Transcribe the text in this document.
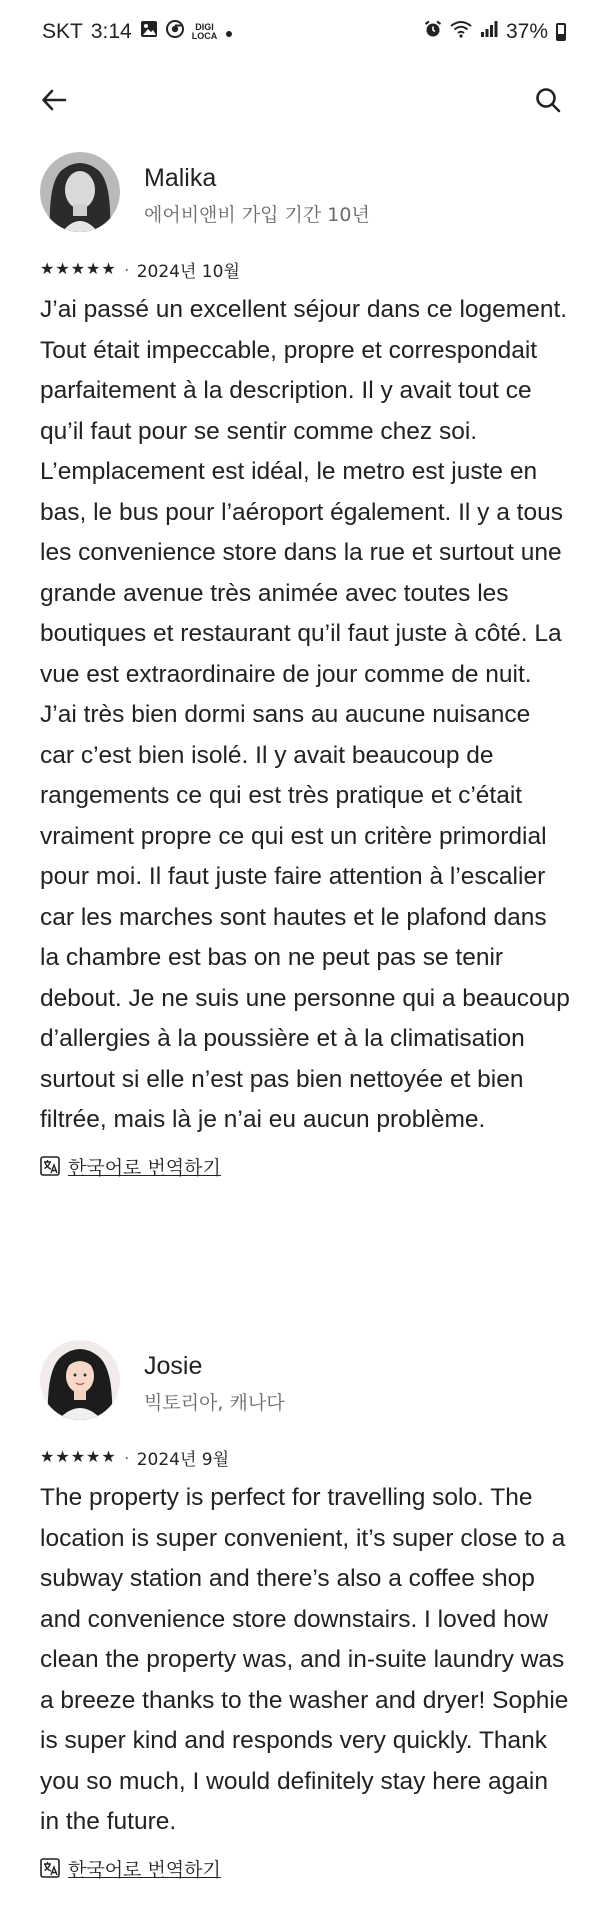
SKT 3:14	DIGI
LOCA	37%
Malika
에어비앤비 가입 기간 10년
★★★★★ · 2024년 10월
J’ai passé un excellent séjour dans ce logement. Tout était impeccable, propre et correspondait parfaitement à la description. Il y avait tout ce qu’il faut pour se sentir comme chez soi. L’emplacement est idéal, le metro est juste en bas, le bus pour l’aéroport également. Il y a tous les convenience store dans la rue et surtout une grande avenue très animée avec toutes les boutiques et restaurant qu’il faut juste à côté. La vue est extraordinaire de jour comme de nuit. J’ai très bien dormi sans au aucune nuisance car c’est bien isolé. Il y avait beaucoup de rangements ce qui est très pratique et c’était vraiment propre ce qui est un critère primordial pour moi. Il faut juste faire attention à l’escalier car les marches sont hautes et le plafond dans la chambre est bas on ne peut pas se tenir debout. Je ne suis une personne qui a beaucoup d’allergies à la poussière et à la climatisation surtout si elle n’est pas bien nettoyée et bien filtrée, mais là je n’ai eu aucun problème.
한국어로 번역하기
Josie
빅토리아, 캐나다
★★★★★ · 2024년 9월
The property is perfect for travelling solo. The location is super convenient, it’s super close to a subway station and there’s also a coffee shop and convenience store downstairs. I loved how clean the property was, and in-suite laundry was a breeze thanks to the washer and dryer! Sophie is super kind and responds very quickly. Thank you so much, I would definitely stay here again in the future.
한국어로 번역하기
